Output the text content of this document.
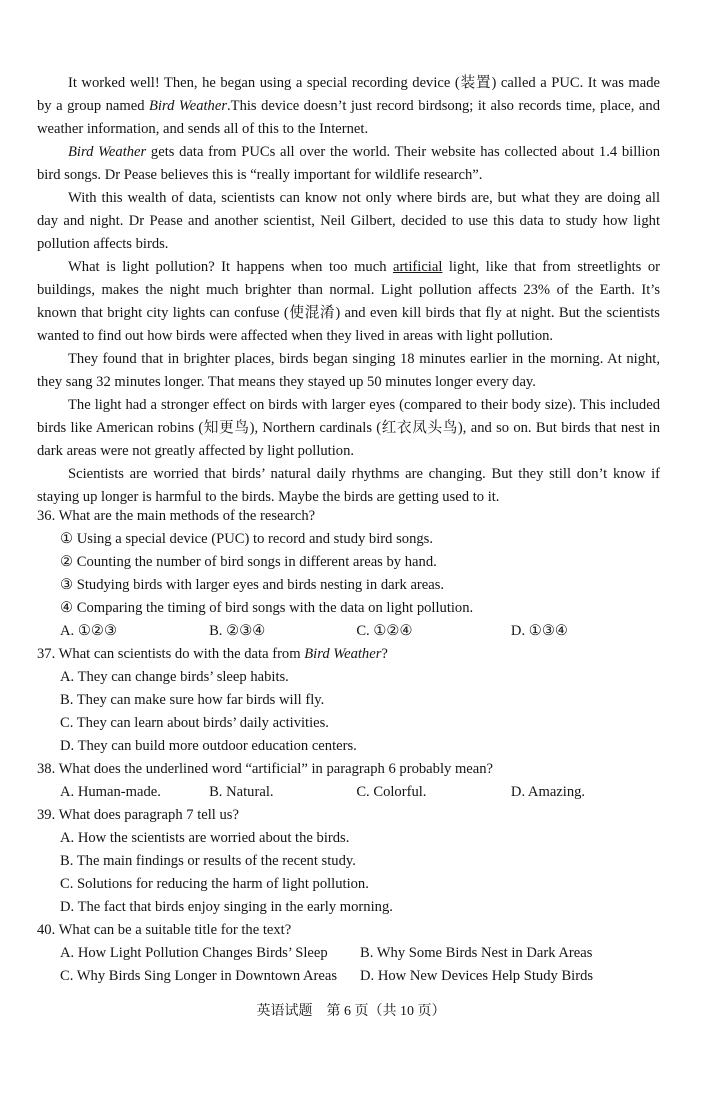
It worked well! Then, he began using a special recording device (装置) called a PUC. It was made by a group named Bird Weather.This device doesn’t just record birdsong; it also records time, place, and weather information, and sends all of this to the Internet.

Bird Weather gets data from PUCs all over the world. Their website has collected about 1.4 billion bird songs. Dr Pease believes this is “really important for wildlife research”.

With this wealth of data, scientists can know not only where birds are, but what they are doing all day and night. Dr Pease and another scientist, Neil Gilbert, decided to use this data to study how light pollution affects birds.

What is light pollution? It happens when too much artificial light, like that from streetlights or buildings, makes the night much brighter than normal. Light pollution affects 23% of the Earth. It’s known that bright city lights can confuse (使混淆) and even kill birds that fly at night. But the scientists wanted to find out how birds were affected when they lived in areas with light pollution.

They found that in brighter places, birds began singing 18 minutes earlier in the morning. At night, they sang 32 minutes longer. That means they stayed up 50 minutes longer every day.

The light had a stronger effect on birds with larger eyes (compared to their body size). This included birds like American robins (知更鸟), Northern cardinals (红衣凤头鸟), and so on. But birds that nest in dark areas were not greatly affected by light pollution.

Scientists are worried that birds’ natural daily rhythms are changing. But they still don’t know if staying up longer is harmful to the birds. Maybe the birds are getting used to it.

36. What are the main methods of the research?

① Using a special device (PUC) to record and study bird songs.

② Counting the number of bird songs in different areas by hand.

③ Studying birds with larger eyes and birds nesting in dark areas.

④ Comparing the timing of bird songs with the data on light pollution.

A. ①②③	B. ②③④	C. ①②④	D. ①③④

37. What can scientists do with the data from Bird Weather?

A. They can change birds’ sleep habits.

B. They can make sure how far birds will fly.

C. They can learn about birds’ daily activities.

D. They can build more outdoor education centers.

38. What does the underlined word “artificial” in paragraph 6 probably mean?

A. Human-made.	B. Natural.	C. Colorful.	D. Amazing.

39. What does paragraph 7 tell us?

A. How the scientists are worried about the birds.

B. The main findings or results of the recent study.

C. Solutions for reducing the harm of light pollution.

D. The fact that birds enjoy singing in the early morning.

40. What can be a suitable title for the text?

A. How Light Pollution Changes Birds’ Sleep	B. Why Some Birds Nest in Dark Areas
C. Why Birds Sing Longer in Downtown Areas	D. How New Devices Help Study Birds
英语试题　第 6 页（共 10 页）
